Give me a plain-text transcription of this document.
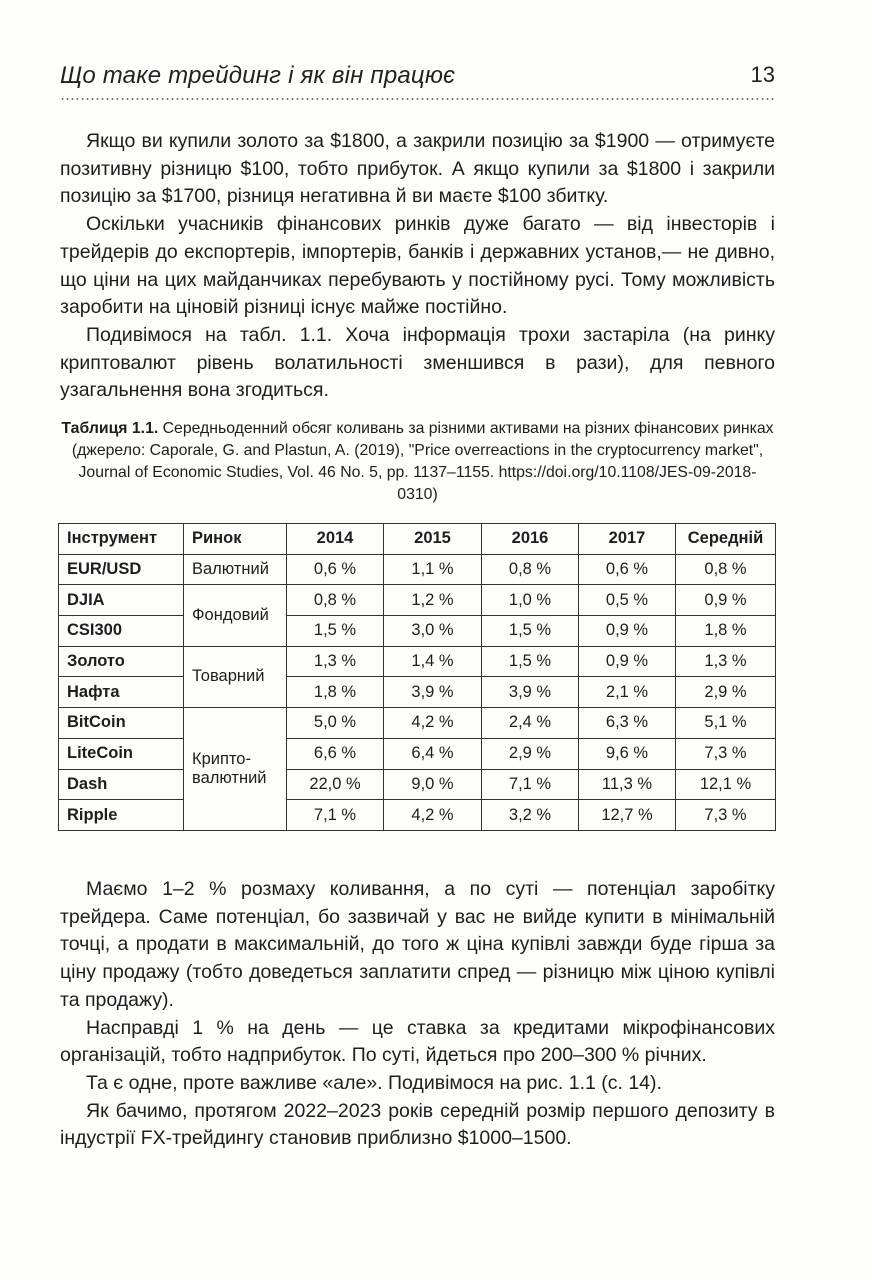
Що таке трейдинг і як він працює	13

Якщо ви купили золото за $1800, а закрили позицію за $1900 — отримуєте позитивну різницю $100, тобто прибуток. А якщо купили за $1800 і закрили позицію за $1700, різниця негативна й ви маєте $100 збитку.

Оскільки учасників фінансових ринків дуже багато — від інвесторів і трейдерів до експортерів, імпортерів, банків і державних установ,— не дивно, що ціни на цих майданчиках перебувають у постійному русі. Тому можливість заробити на ціновій різниці існує майже постійно.

Подивімося на табл. 1.1. Хоча інформація трохи застаріла (на ринку криптовалют рівень волатильності зменшився в рази), для певного узагальнення вона згодиться.

Таблиця 1.1. Середньоденний обсяг коливань за різними активами на різних фінансових ринках (джерело: Caporale, G. and Plastun, A. (2019), "Price overreactions in the cryptocurrency market", Journal of Economic Studies, Vol. 46 No. 5, pp. 1137–1155. https://doi.org/10.1108/JES-09-2018-0310)
Інструмент	Ринок	2014	2015	2016	2017	Середній
EUR/USD	Валютний	0,6 %	1,1 %	0,8 %	0,6 %	0,8 %
DJIA	Фондовий	0,8 %	1,2 %	1,0 %	0,5 %	0,9 %
CSI300		1,5 %	3,0 %	1,5 %	0,9 %	1,8 %
Золото	Товарний	1,3 %	1,4 %	1,5 %	0,9 %	1,3 %
Нафта		1,8 %	3,9 %	3,9 %	2,1 %	2,9 %
BitCoin	Крипто-валютний	5,0 %	4,2 %	2,4 %	6,3 %	5,1 %
LiteCoin		6,6 %	6,4 %	2,9 %	9,6 %	7,3 %
Dash		22,0 %	9,0 %	7,1 %	11,3 %	12,1 %
Ripple		7,1 %	4,2 %	3,2 %	12,7 %	7,3 %

Маємо 1–2 % розмаху коливання, а по суті — потенціал заробітку трейдера. Саме потенціал, бо зазвичай у вас не вийде купити в мінімальній точці, а продати в максимальній, до того ж ціна купівлі завжди буде гірша за ціну продажу (тобто доведеться заплатити спред — різницю між ціною купівлі та продажу).

Насправді 1 % на день — це ставка за кредитами мікрофінансових організацій, тобто надприбуток. По суті, йдеться про 200–300 % річних.

Та є одне, проте важливе «але». Подивімося на рис. 1.1 (с. 14).

Як бачимо, протягом 2022–2023 років середній розмір першого депозиту в індустрії FX-трейдингу становив приблизно $1000–1500.
